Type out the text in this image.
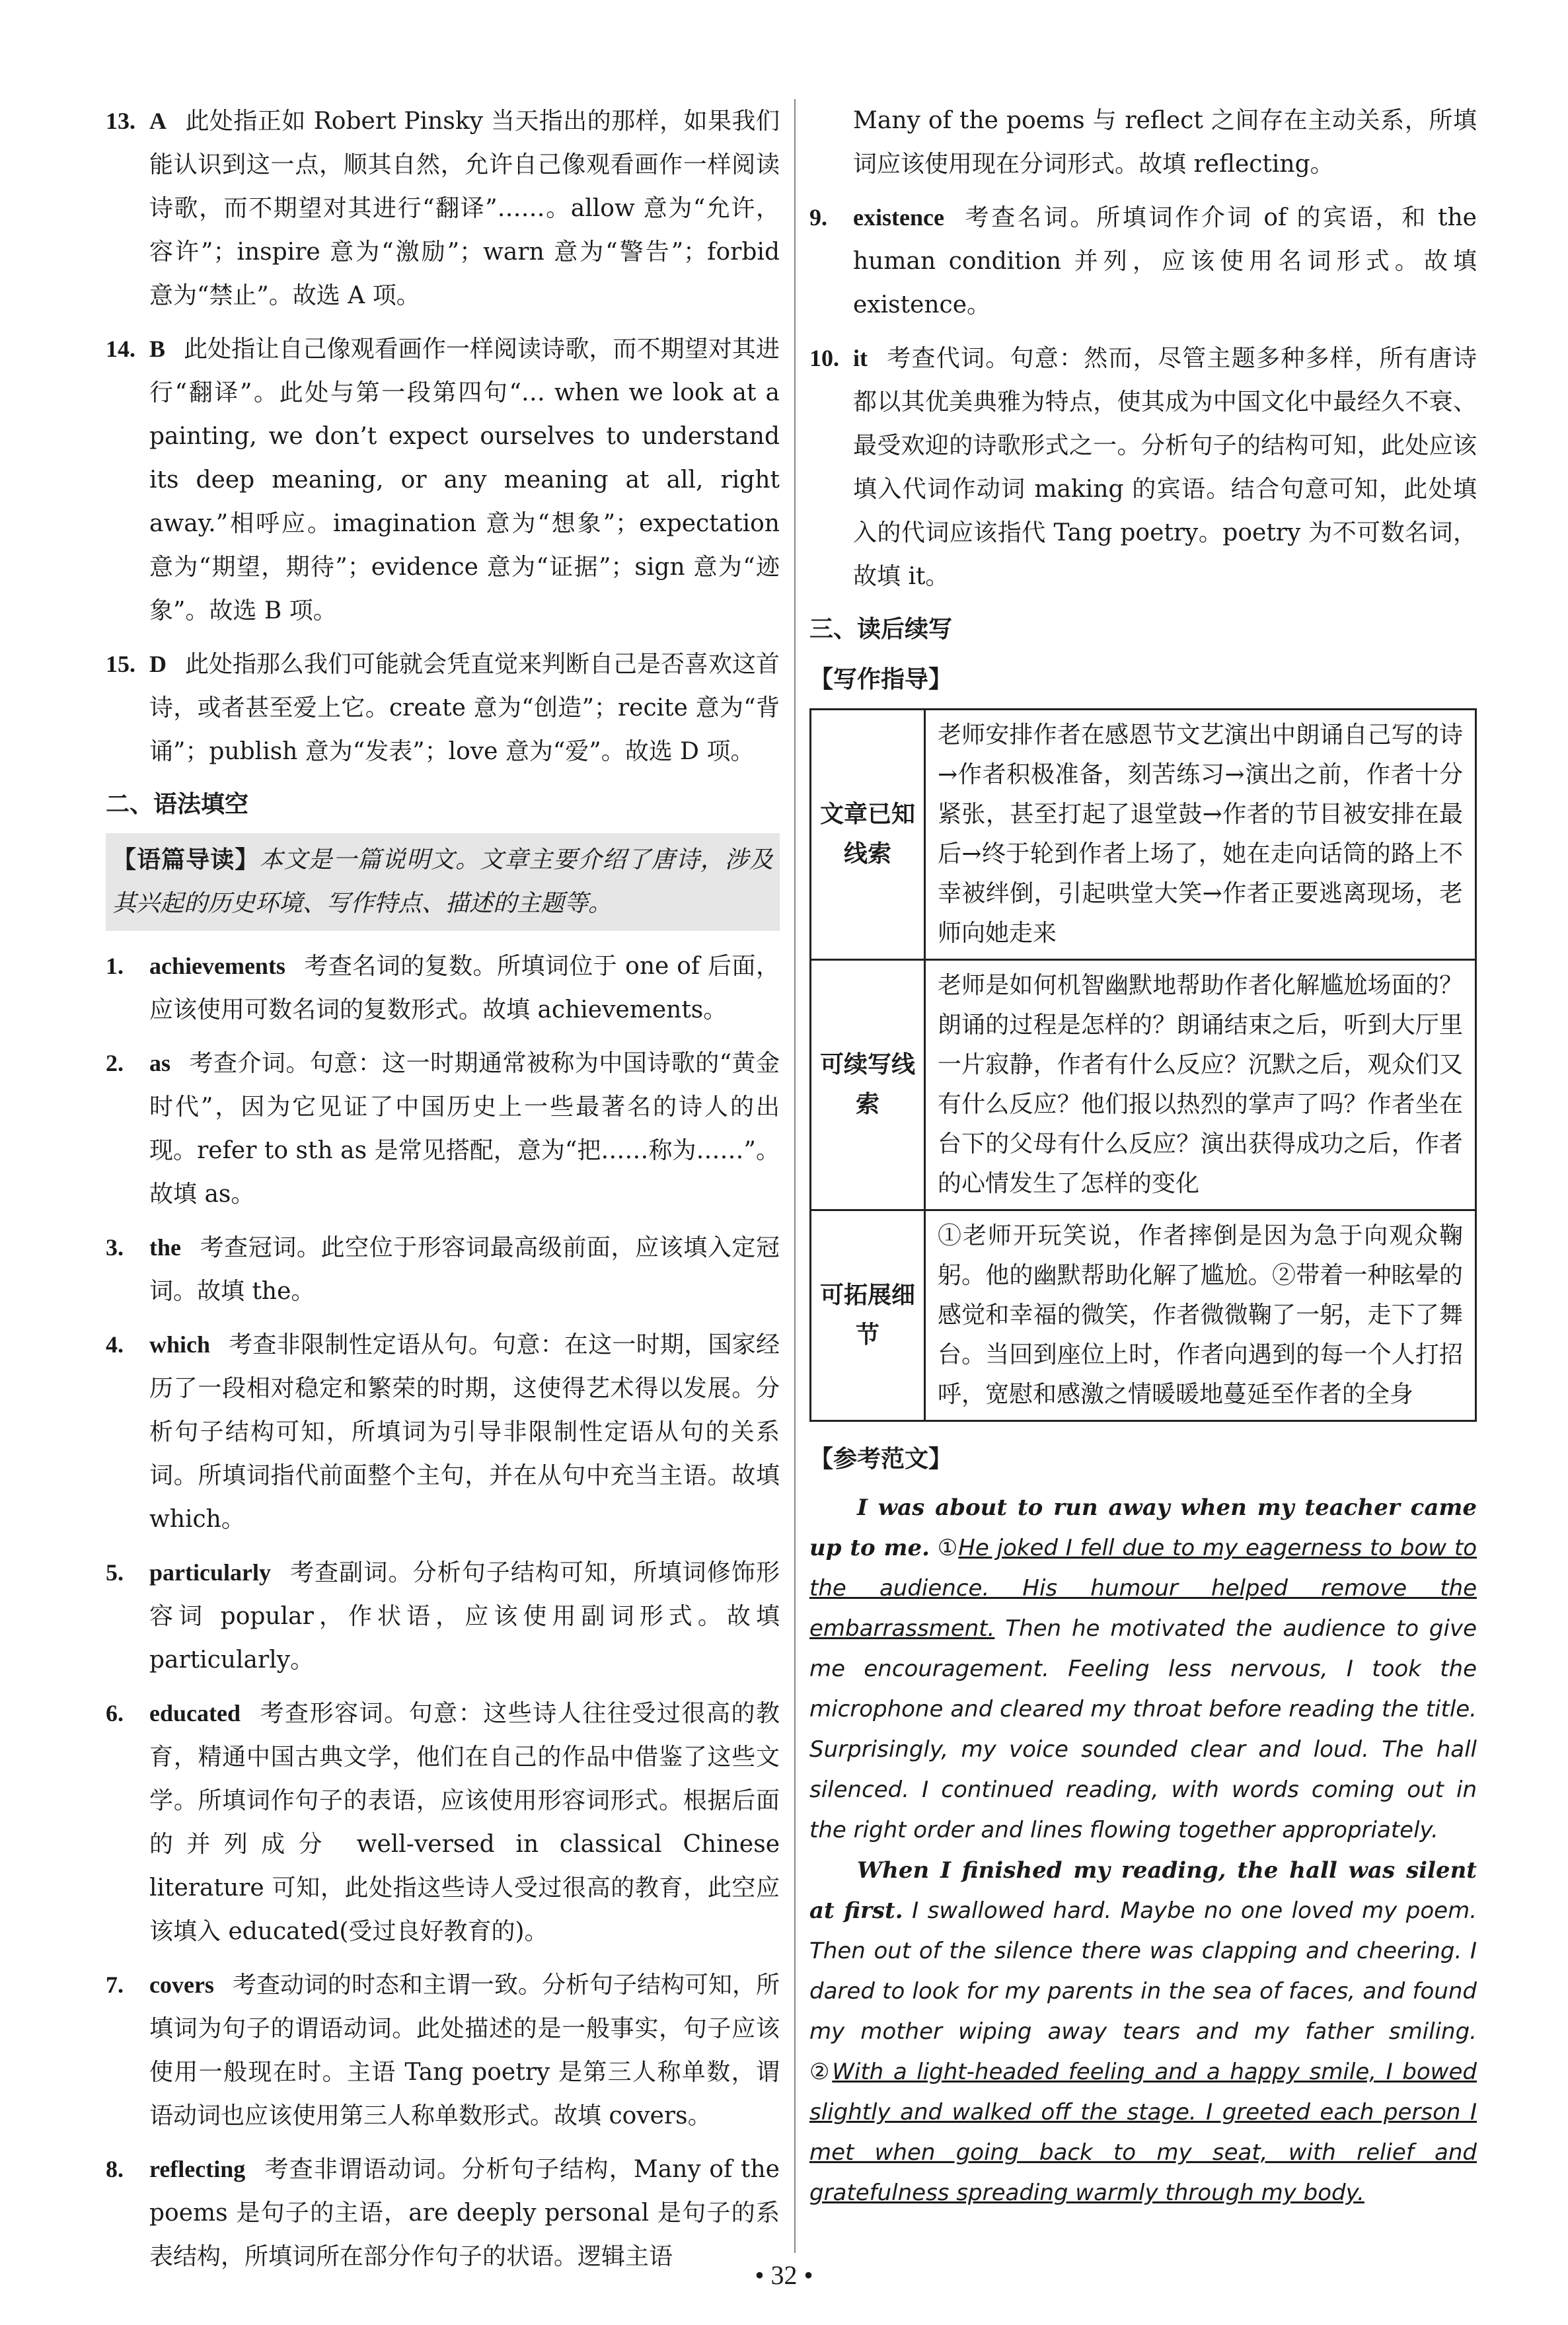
13. A 此处指正如 Robert Pinsky 当天指出的那样，如果我们能认识到这一点，顺其自然，允许自己像观看画作一样阅读诗歌，而不期望对其进行“翻译”……。allow 意为“允许，容许”；inspire 意为“激励”；warn 意为“警告”；forbid 意为“禁止”。故选 A 项。
14. B 此处指让自己像观看画作一样阅读诗歌，而不期望对其进行“翻译”。此处与第一段第四句“… when we look at a painting, we don’t expect ourselves to understand its deep meaning, or any meaning at all, right away.”相呼应。imagination 意为“想象”；expectation 意为“期望，期待”；evidence 意为“证据”；sign 意为“迹象”。故选 B 项。
15. D 此处指那么我们可能就会凭直觉来判断自己是否喜欢这首诗，或者甚至爱上它。create 意为“创造”；recite 意为“背诵”；publish 意为“发表”；love 意为“爱”。故选 D 项。
二、语法填空
【语篇导读】本文是一篇说明文。文章主要介绍了唐诗，涉及其兴起的历史环境、写作特点、描述的主题等。
1. achievements 考查名词的复数。所填词位于 one of 后面，应该使用可数名词的复数形式。故填 achievements。
2. as 考查介词。句意：这一时期通常被称为中国诗歌的“黄金时代”，因为它见证了中国历史上一些最著名的诗人的出现。refer to sth as 是常见搭配，意为“把……称为……”。故填 as。
3. the 考查冠词。此空位于形容词最高级前面，应该填入定冠词。故填 the。
4. which 考查非限制性定语从句。句意：在这一时期，国家经历了一段相对稳定和繁荣的时期，这使得艺术得以发展。分析句子结构可知，所填词为引导非限制性定语从句的关系词。所填词指代前面整个主句，并在从句中充当主语。故填 which。
5. particularly 考查副词。分析句子结构可知，所填词修饰形容词 popular，作状语，应该使用副词形式。故填 particularly。
6. educated 考查形容词。句意：这些诗人往往受过很高的教育，精通中国古典文学，他们在自己的作品中借鉴了这些文学。所填词作句子的表语，应该使用形容词形式。根据后面的并列成分 well-versed in classical Chinese literature 可知，此处指这些诗人受过很高的教育，此空应该填入 educated(受过良好教育的)。
7. covers 考查动词的时态和主谓一致。分析句子结构可知，所填词为句子的谓语动词。此处描述的是一般事实，句子应该使用一般现在时。主语 Tang poetry 是第三人称单数，谓语动词也应该使用第三人称单数形式。故填 covers。
8. reflecting 考查非谓语动词。分析句子结构，Many of the poems 是句子的主语，are deeply personal 是句子的系表结构，所填词所在部分作句子的状语。逻辑主语
Many of the poems 与 reflect 之间存在主动关系，所填词应该使用现在分词形式。故填 reflecting。
9. existence 考查名词。所填词作介词 of 的宾语，和 the human condition 并列，应该使用名词形式。故填 existence。
10. it 考查代词。句意：然而，尽管主题多种多样，所有唐诗都以其优美典雅为特点，使其成为中国文化中最经久不衰、最受欢迎的诗歌形式之一。分析句子的结构可知，此处应该填入代词作动词 making 的宾语。结合句意可知，此处填入的代词应该指代 Tang poetry。poetry 为不可数名词，故填 it。
三、读后续写
【写作指导】
文章已知线索	老师安排作者在感恩节文艺演出中朗诵自己写的诗→作者积极准备，刻苦练习→演出之前，作者十分紧张，甚至打起了退堂鼓→作者的节目被安排在最后→终于轮到作者上场了，她在走向话筒的路上不幸被绊倒，引起哄堂大笑→作者正要逃离现场，老师向她走来
可续写线索	老师是如何机智幽默地帮助作者化解尴尬场面的？朗诵的过程是怎样的？朗诵结束之后，听到大厅里一片寂静，作者有什么反应？沉默之后，观众们又有什么反应？他们报以热烈的掌声了吗？作者坐在台下的父母有什么反应？演出获得成功之后，作者的心情发生了怎样的变化
可拓展细节	①老师开玩笑说，作者摔倒是因为急于向观众鞠躬。他的幽默帮助化解了尴尬。②带着一种眩晕的感觉和幸福的微笑，作者微微鞠了一躬，走下了舞台。当回到座位上时，作者向遇到的每一个人打招呼，宽慰和感激之情暖暖地蔓延至作者的全身
【参考范文】

I was about to run away when my teacher came up to me. ①He joked I fell due to my eagerness to bow to the audience. His humour helped remove the embarrassment. Then he motivated the audience to give me encouragement. Feeling less nervous, I took the microphone and cleared my throat before reading the title. Surprisingly, my voice sounded clear and loud. The hall silenced. I continued reading, with words coming out in the right order and lines flowing together appropriately.

When I finished my reading, the hall was silent at first. I swallowed hard. Maybe no one loved my poem. Then out of the silence there was clapping and cheering. I dared to look for my parents in the sea of faces, and found my mother wiping away tears and my father smiling. ②With a light-headed feeling and a happy smile, I bowed slightly and walked off the stage. I greeted each person I met when going back to my seat, with relief and gratefulness spreading warmly through my body.

• 32 •
